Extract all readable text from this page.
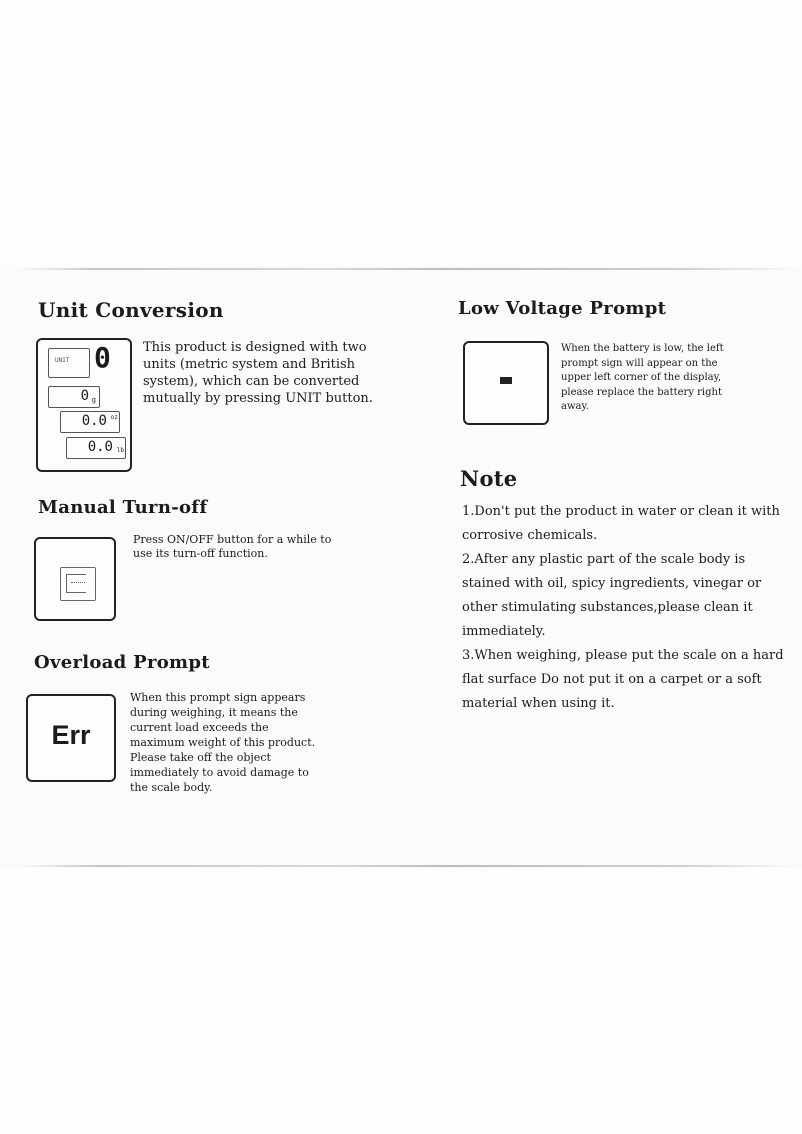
Unit Conversion
UNIT 0
0 g
0.0 oz
0.0 lb

This product is designed with two units (metric system and British system), which can be converted mutually by pressing UNIT button.

Manual Turn-off

Press ON/OFF button for a while to use its turn-off function.

Overload Prompt
Err

When this prompt sign appears during weighing, it means the current load exceeds the maximum weight of this product. Please take off the object immediately to avoid damage to the scale body.

Low Voltage Prompt

When the battery is low, the left prompt sign will appear on the upper left corner of the display, please replace the battery right away.

Note
1.Don't put the product in water or clean it with corrosive chemicals.
2.After any plastic part of the scale body is stained with oil, spicy ingredients, vinegar or other stimulating substances,please clean it immediately.
3.When weighing, please put the scale on a hard flat surface Do not put it on a carpet or a soft material when using it.
